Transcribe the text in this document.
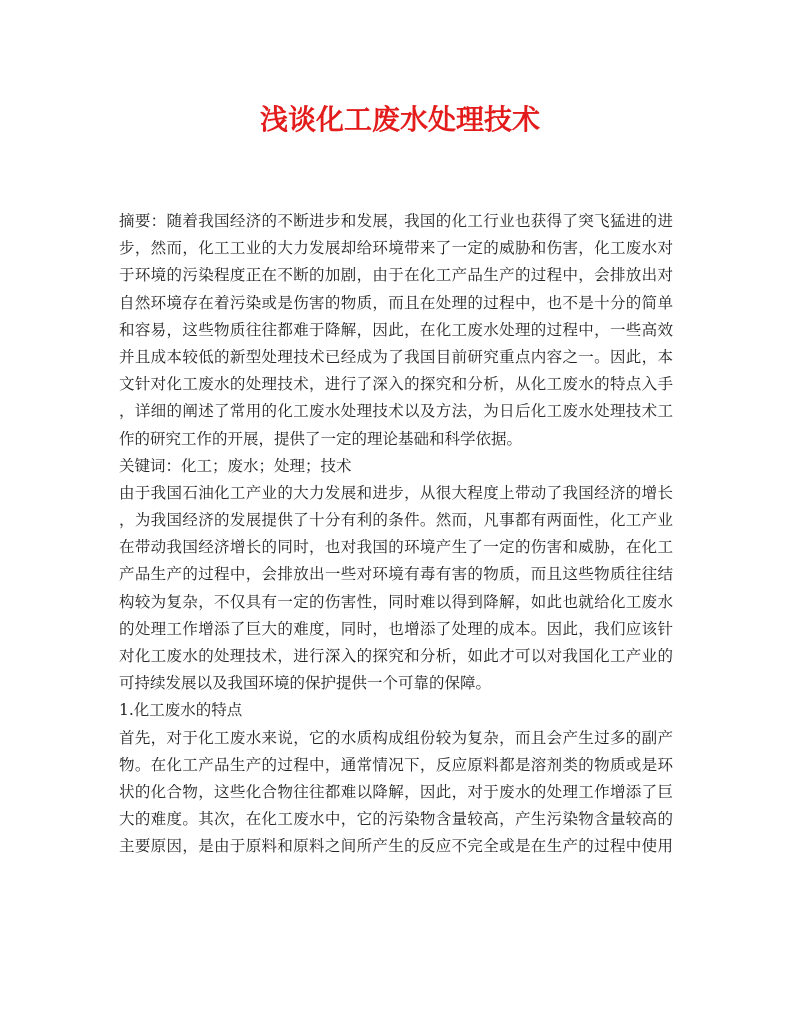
浅谈化工废水处理技术
摘要：随着我国经济的不断进步和发展，我国的化工行业也获得了突飞猛进的进
步，然而，化工工业的大力发展却给环境带来了一定的威胁和伤害，化工废水对
于环境的污染程度正在不断的加剧，由于在化工产品生产的过程中，会排放出对
自然环境存在着污染或是伤害的物质，而且在处理的过程中，也不是十分的简单
和容易，这些物质往往都难于降解，因此，在化工废水处理的过程中，一些高效
并且成本较低的新型处理技术已经成为了我国目前研究重点内容之一。因此，本
文针对化工废水的处理技术，进行了深入的探究和分析，从化工废水的特点入手
，详细的阐述了常用的化工废水处理技术以及方法，为日后化工废水处理技术工
作的研究工作的开展，提供了一定的理论基础和科学依据。
关键词：化工；废水；处理；技术
由于我国石油化工产业的大力发展和进步，从很大程度上带动了我国经济的增长
，为我国经济的发展提供了十分有利的条件。然而，凡事都有两面性，化工产业
在带动我国经济增长的同时，也对我国的环境产生了一定的伤害和威胁，在化工
产品生产的过程中，会排放出一些对环境有毒有害的物质，而且这些物质往往结
构较为复杂，不仅具有一定的伤害性，同时难以得到降解，如此也就给化工废水
的处理工作增添了巨大的难度，同时，也增添了处理的成本。因此，我们应该针
对化工废水的处理技术，进行深入的探究和分析，如此才可以对我国化工产业的
可持续发展以及我国环境的保护提供一个可靠的保障。
1.化工废水的特点
首先，对于化工废水来说，它的水质构成组份较为复杂，而且会产生过多的副产
物。在化工产品生产的过程中，通常情况下，反应原料都是溶剂类的物质或是环
状的化合物，这些化合物往往都难以降解，因此，对于废水的处理工作增添了巨
大的难度。其次，在化工废水中，它的污染物含量较高，产生污染物含量较高的
主要原因，是由于原料和原料之间所产生的反应不完全或是在生产的过程中使用
